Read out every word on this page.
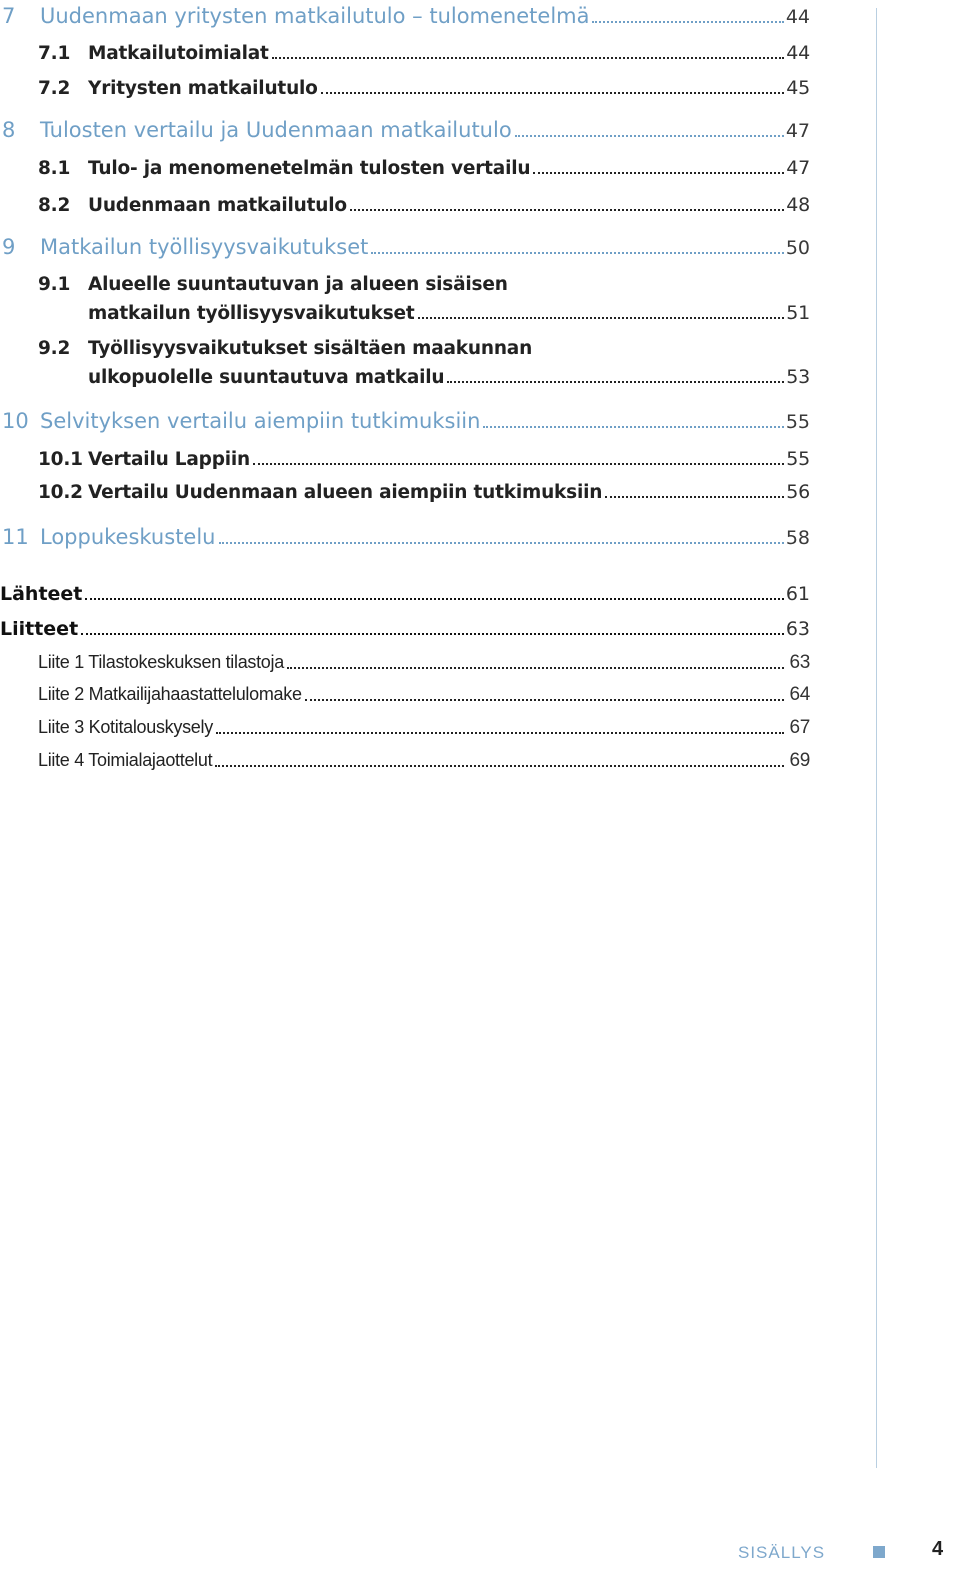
7	Uudenmaan yritysten matkailutulo – tulomenetelmä	44
7.1 Matkailutoimialat	44
7.2 Yritysten matkailutulo	45
8	Tulosten vertailu ja Uudenmaan matkailutulo	47
8.1 Tulo- ja menomenetelmän tulosten vertailu	47
8.2 Uudenmaan matkailutulo	48
9	Matkailun työllisyysvaikutukset	50
9.1 Alueelle suuntautuvan ja alueen sisäisen
matkailun työllisyysvaikutukset	51
9.2 Työllisyysvaikutukset sisältäen maakunnan
ulkopuolelle suuntautuva matkailu	53
10 Selvityksen vertailu aiempiin tutkimuksiin	55
10.1 Vertailu Lappiin	55
10.2 Vertailu Uudenmaan alueen aiempiin tutkimuksiin	56
11 Loppukeskustelu	58
Lähteet	61
Liitteet	63
Liite 1 Tilastokeskuksen tilastoja	63
Liite 2 Matkailijahaastattelulomake	64
Liite 3 Kotitalouskysely	67
Liite 4 Toimialajaottelut	69
SISÄLLYS	4
